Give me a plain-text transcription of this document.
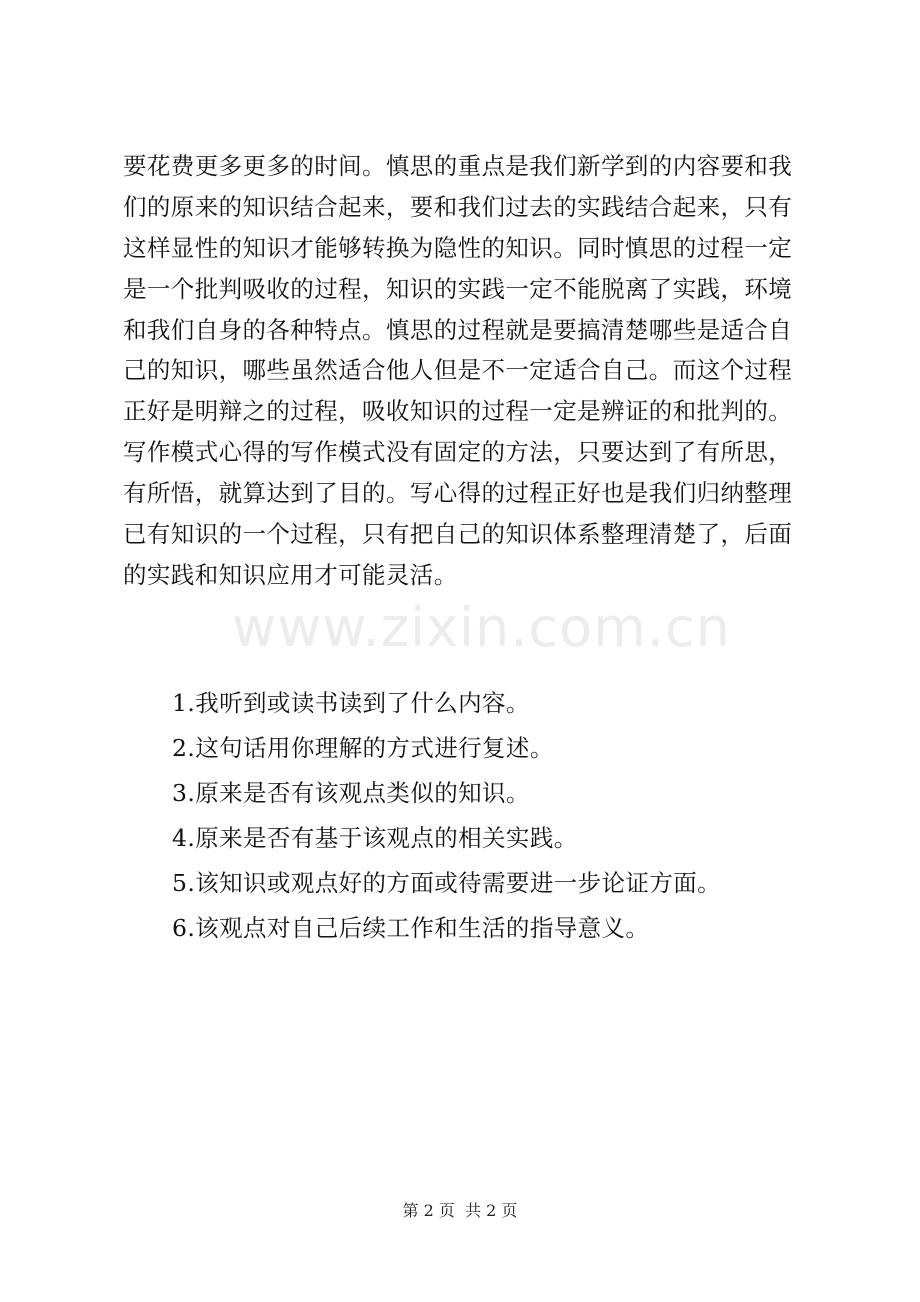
www.zixin.com.cn
要花费更多更多的时间。慎思的重点是我们新学到的内容要和我
们的原来的知识结合起来，要和我们过去的实践结合起来，只有
这样显性的知识才能够转换为隐性的知识。同时慎思的过程一定
是一个批判吸收的过程，知识的实践一定不能脱离了实践，环境
和我们自身的各种特点。慎思的过程就是要搞清楚哪些是适合自
己的知识，哪些虽然适合他人但是不一定适合自己。而这个过程
正好是明辩之的过程，吸收知识的过程一定是辨证的和批判的。
写作模式心得的写作模式没有固定的方法，只要达到了有所思，
有所悟，就算达到了目的。写心得的过程正好也是我们归纳整理
已有知识的一个过程，只有把自己的知识体系整理清楚了，后面
的实践和知识应用才可能灵活。
1.我听到或读书读到了什么内容。
2.这句话用你理解的方式进行复述。
3.原来是否有该观点类似的知识。
4.原来是否有基于该观点的相关实践。
5.该知识或观点好的方面或待需要进一步论证方面。
6.该观点对自己后续工作和生活的指导意义。
第 2 页  共 2 页
